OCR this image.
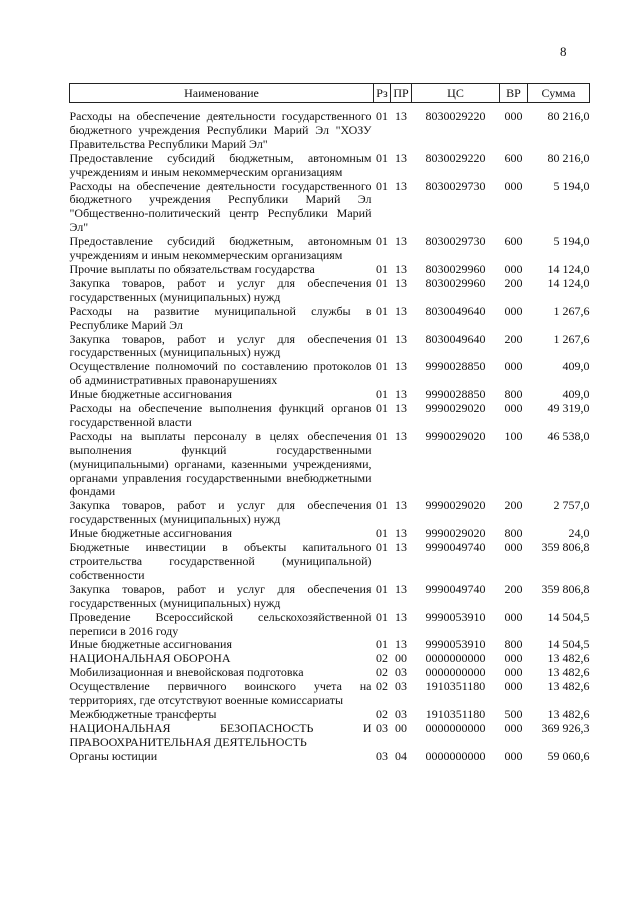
8
Наименование	Рз	ПР	ЦС	ВР	Сумма
Расходы на обеспечение деятельности государственного бюджетного учреждения Республики Марий Эл "ХОЗУ Правительства Республики Марий Эл"	01	13	8030029220	000	80 216,0
Предоставление субсидий бюджетным, автономным учреждениям и иным некоммерческим организациям	01	13	8030029220	600	80 216,0
Расходы на обеспечение деятельности государственного бюджетного учреждения Республики Марий Эл "Общественно-политический центр Республики Марий Эл"	01	13	8030029730	000	5 194,0
Предоставление субсидий бюджетным, автономным учреждениям и иным некоммерческим организациям	01	13	8030029730	600	5 194,0
Прочие выплаты по обязательствам государства	01	13	8030029960	000	14 124,0
Закупка товаров, работ и услуг для обеспечения государственных (муниципальных) нужд	01	13	8030029960	200	14 124,0
Расходы на развитие муниципальной службы в Республике Марий Эл	01	13	8030049640	000	1 267,6
Закупка товаров, работ и услуг для обеспечения государственных (муниципальных) нужд	01	13	8030049640	200	1 267,6
Осуществление полномочий по составлению протоколов об административных правонарушениях	01	13	9990028850	000	409,0
Иные бюджетные ассигнования	01	13	9990028850	800	409,0
Расходы на обеспечение выполнения функций органов государственной власти	01	13	9990029020	000	49 319,0
Расходы на выплаты персоналу в целях обеспечения выполнения функций государственными (муниципальными) органами, казенными учреждениями, органами управления государственными внебюджетными фондами	01	13	9990029020	100	46 538,0
Закупка товаров, работ и услуг для обеспечения государственных (муниципальных) нужд	01	13	9990029020	200	2 757,0
Иные бюджетные ассигнования	01	13	9990029020	800	24,0
Бюджетные инвестиции в объекты капитального строительства государственной (муниципальной) собственности	01	13	9990049740	000	359 806,8
Закупка товаров, работ и услуг для обеспечения государственных (муниципальных) нужд	01	13	9990049740	200	359 806,8
Проведение Всероссийской сельскохозяйственной переписи в 2016 году	01	13	9990053910	000	14 504,5
Иные бюджетные ассигнования	01	13	9990053910	800	14 504,5
НАЦИОНАЛЬНАЯ ОБОРОНА	02	00	0000000000	000	13 482,6
Мобилизационная и вневойсковая подготовка	02	03	0000000000	000	13 482,6
Осуществление первичного воинского учета на территориях, где отсутствуют военные комиссариаты	02	03	1910351180	000	13 482,6
Межбюджетные трансферты	02	03	1910351180	500	13 482,6
НАЦИОНАЛЬНАЯ БЕЗОПАСНОСТЬ И ПРАВООХРАНИТЕЛЬНАЯ ДЕЯТЕЛЬНОСТЬ	03	00	0000000000	000	369 926,3
Органы юстиции	03	04	0000000000	000	59 060,6
